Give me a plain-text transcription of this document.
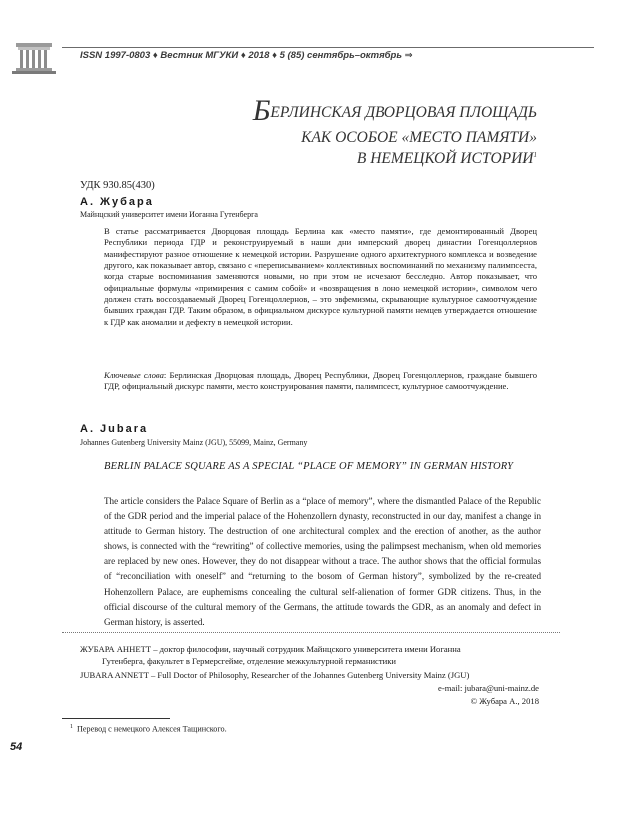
ISSN 1997-0803 ♦ Вестник МГУКИ ♦ 2018 ♦ 5 (85) сентябрь–октябрь ⇒
БЕРЛИНСКАЯ ДВОРЦОВАЯ ПЛОЩАДЬ
КАК ОСОБОЕ «МЕСТО ПАМЯТИ»
В НЕМЕЦКОЙ ИСТОРИИ$^1$
УДК 930.85(430)
А. Жубара
Майнцский университет имени Иоганна Гутенберга
В статье рассматривается Дворцовая площадь Берлина как «место памяти», где демонтированный Дворец Республики периода ГДР и реконструируемый в наши дни имперский дворец династии Гогенцоллернов манифестируют разное отношение к немецкой истории. Разрушение одного архитектурного комплекса и возведение другого, как показывает автор, связано с «переписыванием» коллективных воспоминаний по механизму палимпсеста, когда старые воспоминания заменяются новыми, но при этом не исчезают бесследно. Автор показывает, что официальные формулы «примирения с самим собой» и «возвращения в лоно немецкой истории», символом чего должен стать воссоздаваемый Дворец Гогенцоллернов, – это эвфемизмы, скрывающие культурное самоотчуждение бывших граждан ГДР. Таким образом, в официальном дискурсе культурной памяти немцев утверждается отношение к ГДР как аномалии и дефекту в немецкой истории.
Ключевые слова: Берлинская Дворцовая площадь, Дворец Республики, Дворец Гогенцоллернов, граждане бывшего ГДР, официальный дискурс памяти, место конструирования памяти, палимпсест, культурное самоотчуждение.
A. Jubara
Johannes Gutenberg University Mainz (JGU), 55099, Mainz, Germany
BERLIN PALACE SQUARE AS A SPECIAL “PLACE OF MEMORY” IN GERMAN HISTORY
The article considers the Palace Square of Berlin as a “place of memory”, where the dismantled Palace of the Republic of the GDR period and the imperial palace of the Hohenzollern dynasty, reconstructed in our day, manifest a change in attitude to German history. The destruction of one architectural complex and the erection of another, as the author shows, is connected with the “rewriting” of collective memories, using the palimpsest mechanism, when old memories are replaced by new ones. However, they do not disappear without a trace. The author shows that the official formulas of “reconciliation with oneself” and “returning to the bosom of German history”, symbolized by the re-created Hohenzollern Palace, are euphemisms concealing the cultural self-alienation of former GDR citizens. Thus, in the official discourse of the cultural memory of the Germans, the attitude towards the GDR, as an anomaly and defect in German history, is asserted.
ЖУБАРА АННЕТТ – доктор философии, научный сотрудник Майнцского университета имени Иоганна
Гутенберга, факультет в Гермерсгейме, отделение межкультурной германистики
JUBARA ANNETT – Full Doctor of Philosophy, Researcher of the Johannes Gutenberg University Mainz (JGU)
e-mail: jubara@uni-mainz.de
© Жубара А., 2018
$^1$ Перевод с немецкого Алексея Тащинского.
54
